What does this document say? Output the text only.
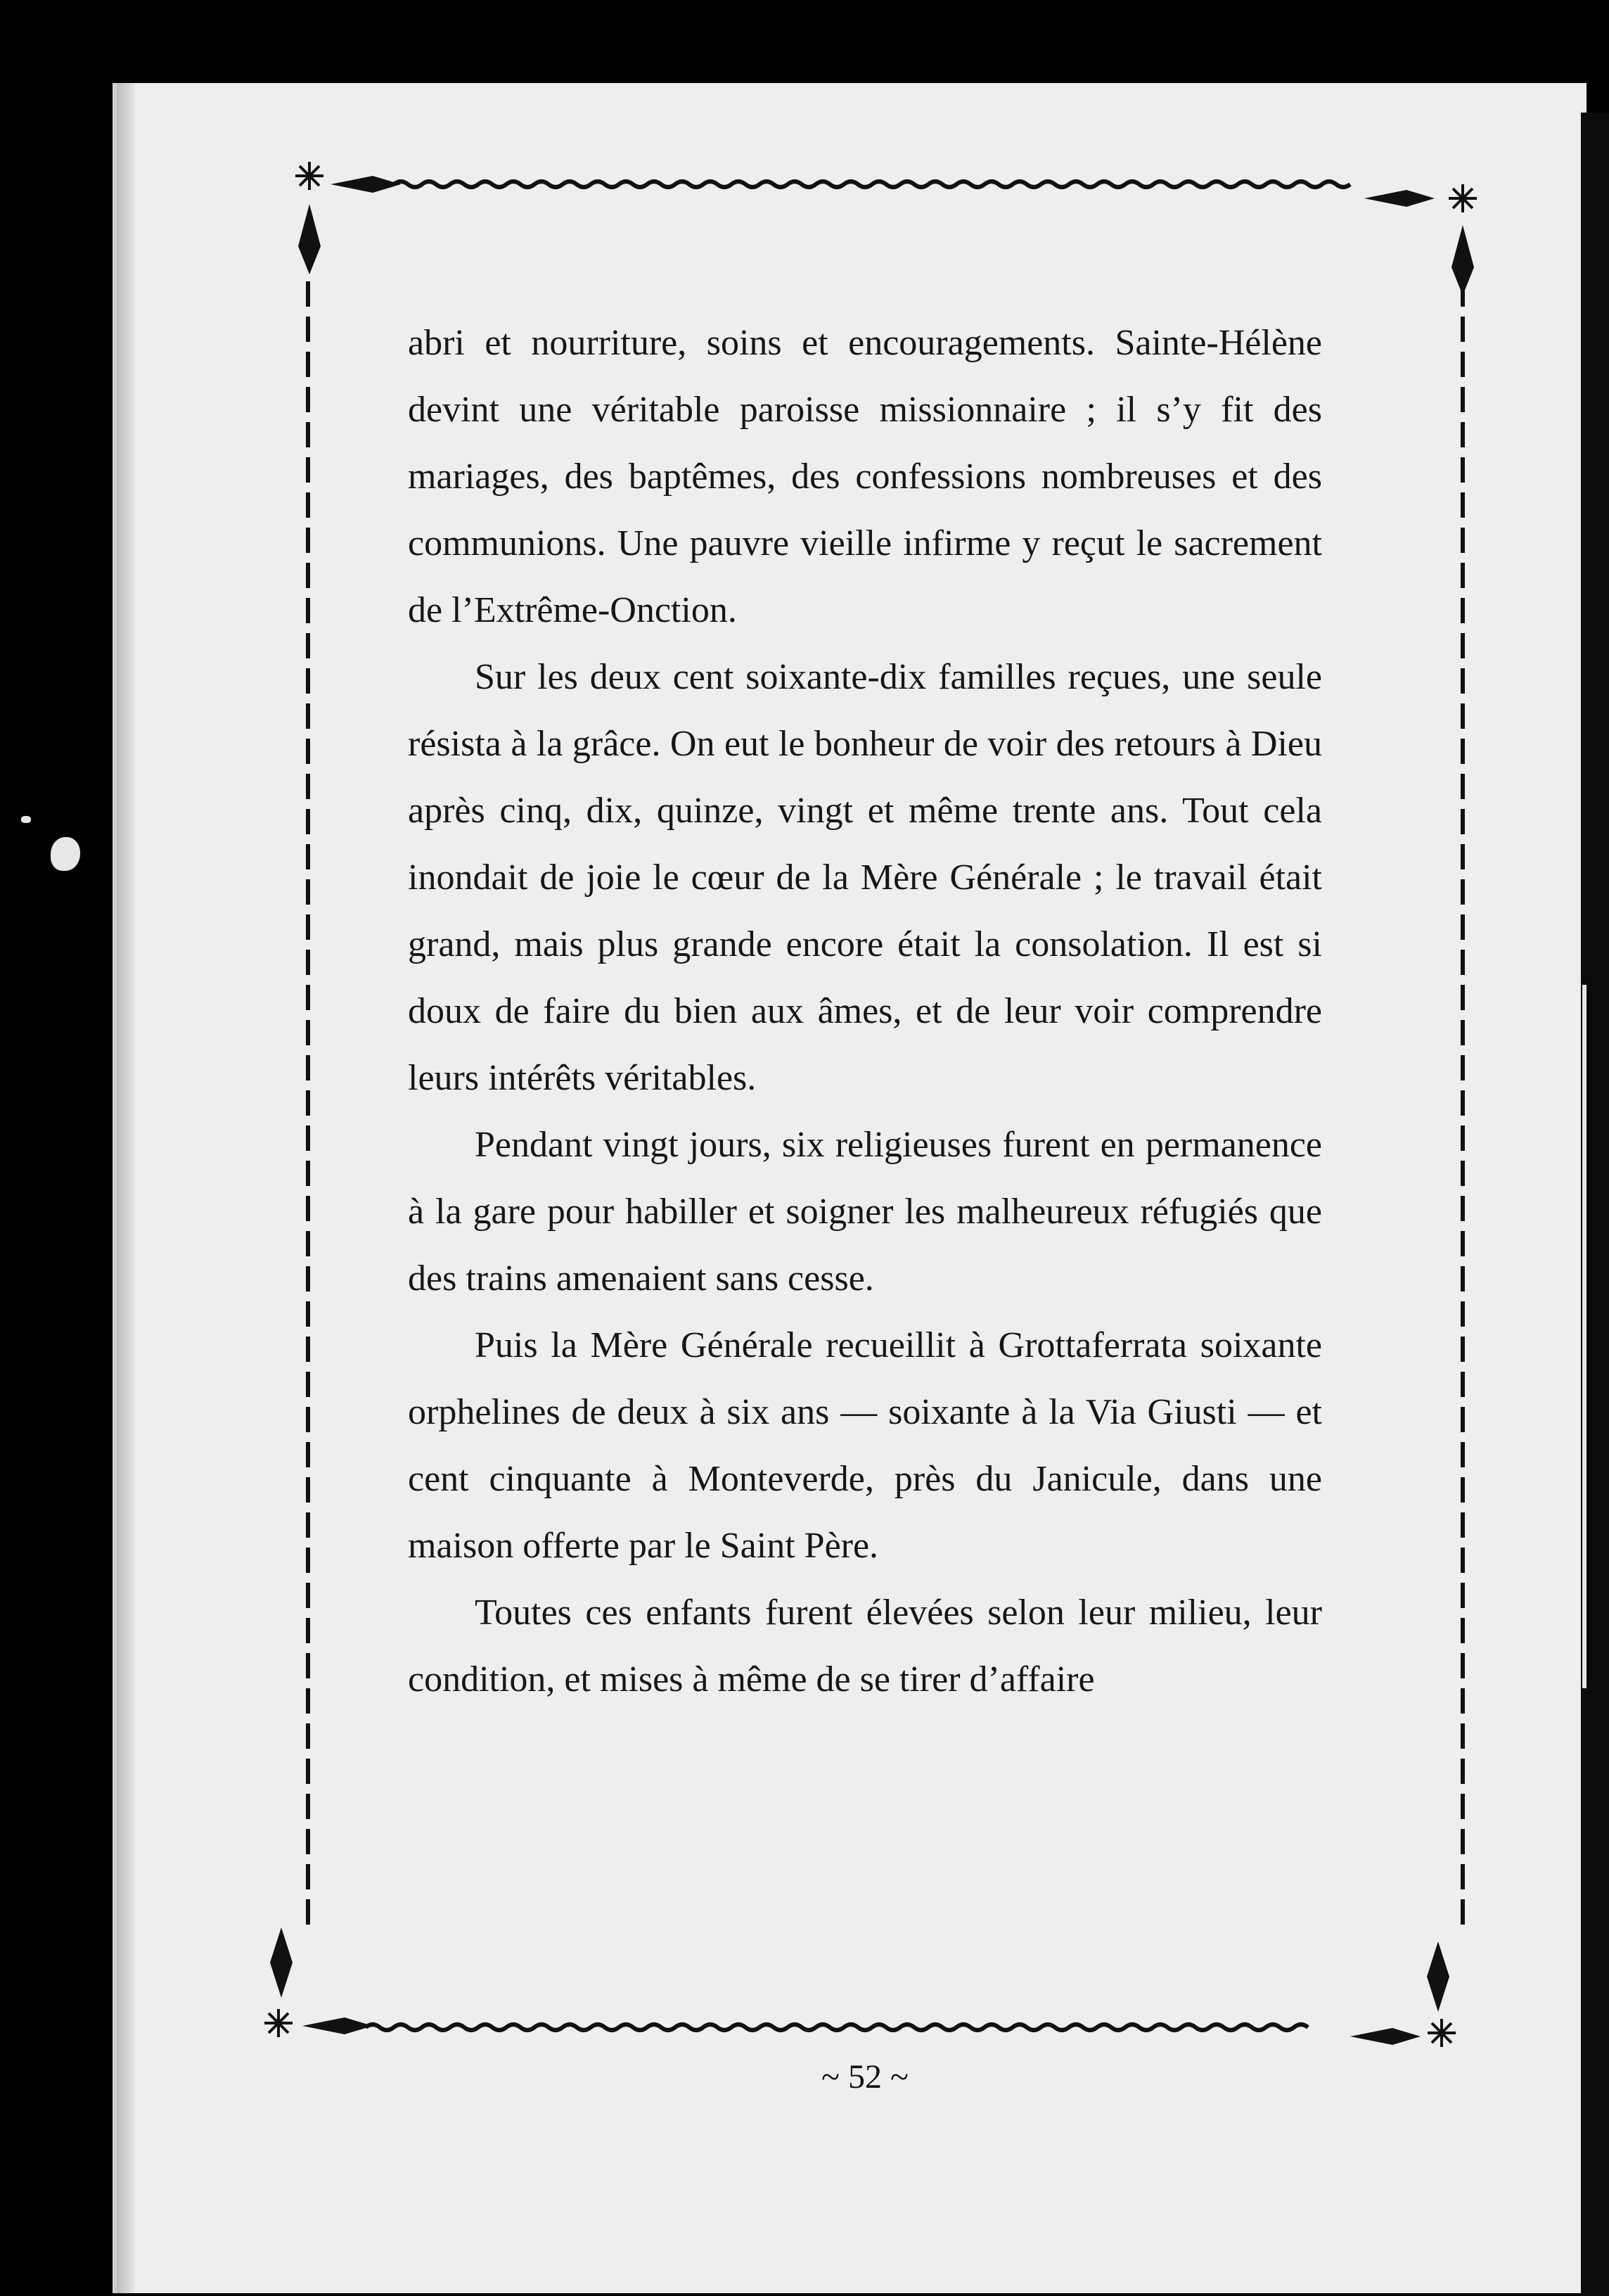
abri et nourriture, soins et encouragements. Sainte-Hélène devint une véritable paroisse missionnaire ; il s’y fit des mariages, des baptêmes, des confessions nombreuses et des communions. Une pauvre vieille infirme y reçut le sacrement de l’Extrême-Onction.

Sur les deux cent soixante-dix familles reçues, une seule résista à la grâce. On eut le bonheur de voir des retours à Dieu après cinq, dix, quinze, vingt et même trente ans. Tout cela inondait de joie le cœur de la Mère Générale ; le travail était grand, mais plus grande encore était la consolation. Il est si doux de faire du bien aux âmes, et de leur voir comprendre leurs intérêts véritables.

Pendant vingt jours, six religieuses furent en permanence à la gare pour habiller et soigner les malheureux réfugiés que des trains amenaient sans cesse.

Puis la Mère Générale recueillit à Grottaferrata soixante orphelines de deux à six ans — soixante à la Via Giusti — et cent cinquante à Monteverde, près du Janicule, dans une maison offerte par le Saint Père.

Toutes ces enfants furent élevées selon leur milieu, leur condition, et mises à même de se tirer d’affaire

~ 52 ~
